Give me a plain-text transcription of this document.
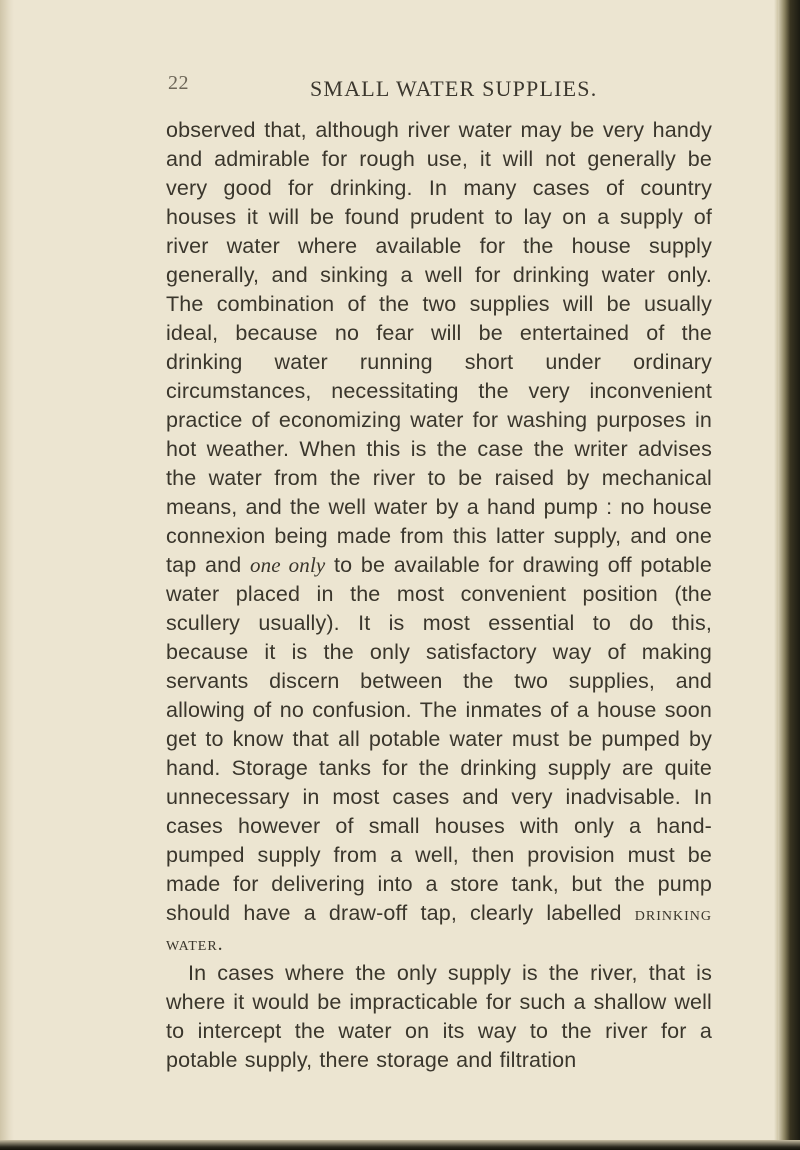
22	SMALL WATER SUPPLIES.

observed that, although river water may be very handy and admirable for rough use, it will not generally be very good for drinking. In many cases of country houses it will be found prudent to lay on a supply of river water where available for the house supply generally, and sinking a well for drinking water only. The combination of the two supplies will be usually ideal, because no fear will be entertained of the drinking water running short under ordinary circumstances, necessitating the very inconvenient practice of economizing water for washing purposes in hot weather. When this is the case the writer advises the water from the river to be raised by mechanical means, and the well water by a hand pump : no house connexion being made from this latter supply, and one tap and one only to be available for drawing off potable water placed in the most convenient position (the scullery usually). It is most essential to do this, because it is the only satisfactory way of making servants discern between the two supplies, and allowing of no confusion. The inmates of a house soon get to know that all potable water must be pumped by hand. Storage tanks for the drinking supply are quite unnecessary in most cases and very inadvisable. In cases however of small houses with only a hand-pumped supply from a well, then provision must be made for delivering into a store tank, but the pump should have a draw-off tap, clearly labelled drinking water.

In cases where the only supply is the river, that is where it would be impracticable for such a shallow well to intercept the water on its way to the river for a potable supply, there storage and filtration
